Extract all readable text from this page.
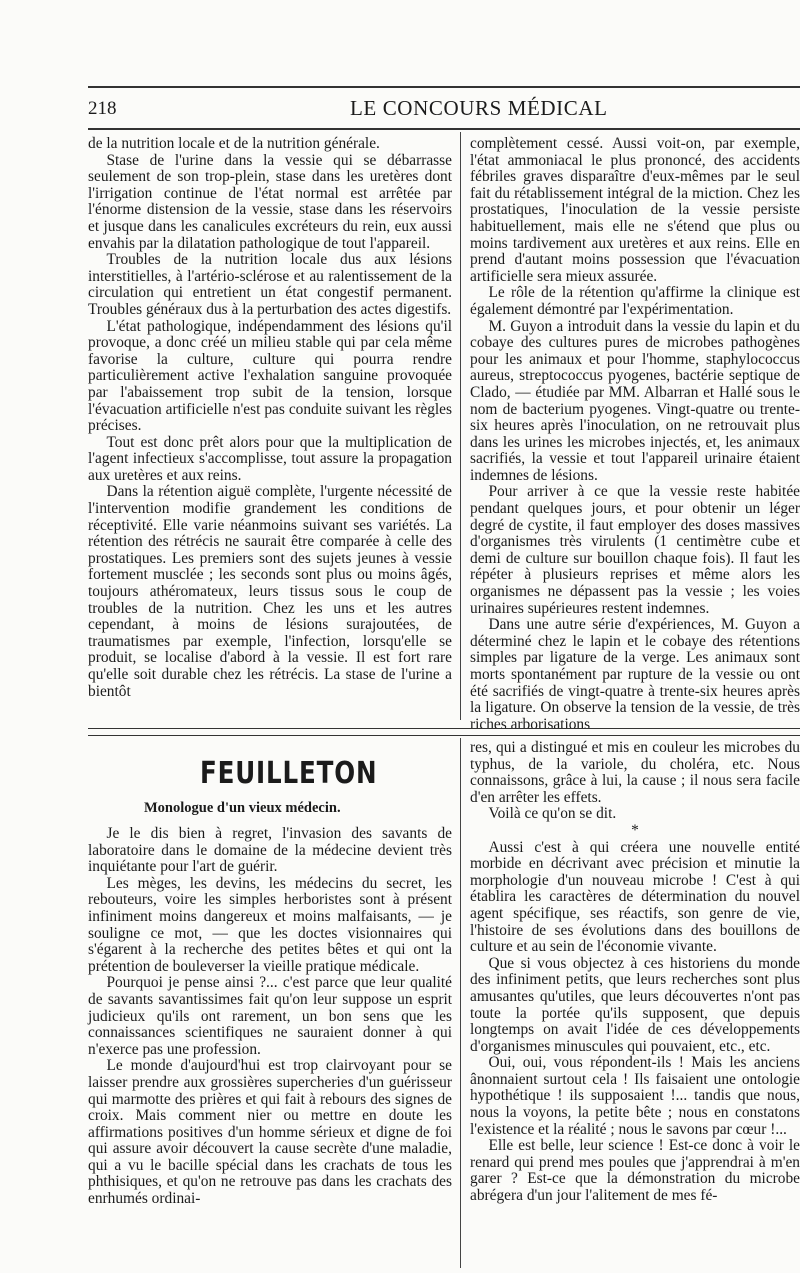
218	LE CONCOURS MÉDICAL

de la nutrition locale et de la nutrition générale.

Stase de l'urine dans la vessie qui se débarrasse seulement de son trop-plein, stase dans les uretères dont l'irrigation continue de l'état normal est arrêtée par l'énorme distension de la vessie, stase dans les réservoirs et jusque dans les canalicules excréteurs du rein, eux aussi envahis par la dilatation pathologique de tout l'appareil.

Troubles de la nutrition locale dus aux lésions interstitielles, à l'artério-sclérose et au ralentissement de la circulation qui entretient un état congestif permanent. Troubles généraux dus à la perturbation des actes digestifs.

L'état pathologique, indépendamment des lésions qu'il provoque, a donc créé un milieu stable qui par cela même favorise la culture, culture qui pourra rendre particulièrement active l'exhalation sanguine provoquée par l'abaissement trop subit de la tension, lorsque l'évacuation artificielle n'est pas conduite suivant les règles précises.

Tout est donc prêt alors pour que la multiplication de l'agent infectieux s'accomplisse, tout assure la propagation aux uretères et aux reins.

Dans la rétention aiguë complète, l'urgente nécessité de l'intervention modifie grandement les conditions de réceptivité. Elle varie néanmoins suivant ses variétés. La rétention des rétrécis ne saurait être comparée à celle des prostatiques. Les premiers sont des sujets jeunes à vessie fortement musclée ; les seconds sont plus ou moins âgés, toujours athéromateux, leurs tissus sous le coup de troubles de la nutrition. Chez les uns et les autres cependant, à moins de lésions surajoutées, de traumatismes par exemple, l'infection, lorsqu'elle se produit, se localise d'abord à la vessie. Il est fort rare qu'elle soit durable chez les rétrécis. La stase de l'urine a bientôt

complètement cessé. Aussi voit-on, par exemple, l'état ammoniacal le plus prononcé, des accidents fébriles graves disparaître d'eux-mêmes par le seul fait du rétablissement intégral de la miction. Chez les prostatiques, l'inoculation de la vessie persiste habituellement, mais elle ne s'étend que plus ou moins tardivement aux uretères et aux reins. Elle en prend d'autant moins possession que l'évacuation artificielle sera mieux assurée.

Le rôle de la rétention qu'affirme la clinique est également démontré par l'expérimentation.

M. Guyon a introduit dans la vessie du lapin et du cobaye des cultures pures de microbes pathogènes pour les animaux et pour l'homme, staphylococcus aureus, streptococcus pyogenes, bactérie septique de Clado, — étudiée par MM. Albarran et Hallé sous le nom de bacterium pyogenes. Vingt-quatre ou trente-six heures après l'inoculation, on ne retrouvait plus dans les urines les microbes injectés, et, les animaux sacrifiés, la vessie et tout l'appareil urinaire étaient indemnes de lésions.

Pour arriver à ce que la vessie reste habitée pendant quelques jours, et pour obtenir un léger degré de cystite, il faut employer des doses massives d'organismes très virulents (1 centimètre cube et demi de culture sur bouillon chaque fois). Il faut les répéter à plusieurs reprises et même alors les organismes ne dépassent pas la vessie ; les voies urinaires supérieures restent indemnes.

Dans une autre série d'expériences, M. Guyon a déterminé chez le lapin et le cobaye des rétentions simples par ligature de la verge. Les animaux sont morts spontanément par rupture de la vessie ou ont été sacrifiés de vingt-quatre à trente-six heures après la ligature. On observe la tension de la vessie, de très riches arborisations

FEUILLETON
Monologue d'un vieux médecin.

Je le dis bien à regret, l'invasion des savants de laboratoire dans le domaine de la médecine devient très inquiétante pour l'art de guérir.

Les mèges, les devins, les médecins du secret, les rebouteurs, voire les simples herboristes sont à présent infiniment moins dangereux et moins malfaisants, — je souligne ce mot, — que les doctes visionnaires qui s'égarent à la recherche des petites bêtes et qui ont la prétention de bouleverser la vieille pratique médicale.

Pourquoi je pense ainsi ?... c'est parce que leur qualité de savants savantissimes fait qu'on leur suppose un esprit judicieux qu'ils ont rarement, un bon sens que les connaissances scientifiques ne sauraient donner à qui n'exerce pas une profession.

Le monde d'aujourd'hui est trop clairvoyant pour se laisser prendre aux grossières supercheries d'un guérisseur qui marmotte des prières et qui fait à rebours des signes de croix. Mais comment nier ou mettre en doute les affirmations positives d'un homme sérieux et digne de foi qui assure avoir découvert la cause secrète d'une maladie, qui a vu le bacille spécial dans les crachats de tous les phthisiques, et qu'on ne retrouve pas dans les crachats des enrhumés ordinai-

res, qui a distingué et mis en couleur les microbes du typhus, de la variole, du choléra, etc. Nous connaissons, grâce à lui, la cause ; il nous sera facile d'en arrêter les effets.

Voilà ce qu'on se dit.

*

Aussi c'est à qui créera une nouvelle entité morbide en décrivant avec précision et minutie la morphologie d'un nouveau microbe ! C'est à qui établira les caractères de détermination du nouvel agent spécifique, ses réactifs, son genre de vie, l'histoire de ses évolutions dans des bouillons de culture et au sein de l'économie vivante.

Que si vous objectez à ces historiens du monde des infiniment petits, que leurs recherches sont plus amusantes qu'utiles, que leurs découvertes n'ont pas toute la portée qu'ils supposent, que depuis longtemps on avait l'idée de ces développements d'organismes minuscules qui pouvaient, etc., etc.

Oui, oui, vous répondent-ils ! Mais les anciens ânonnaient surtout cela ! Ils faisaient une ontologie hypothétique ! ils supposaient !... tandis que nous, nous la voyons, la petite bête ; nous en constatons l'existence et la réalité ; nous le savons par cœur !...

Elle est belle, leur science ! Est-ce donc à voir le renard qui prend mes poules que j'apprendrai à m'en garer ? Est-ce que la démonstration du microbe abrégera d'un jour l'alitement de mes fé-
